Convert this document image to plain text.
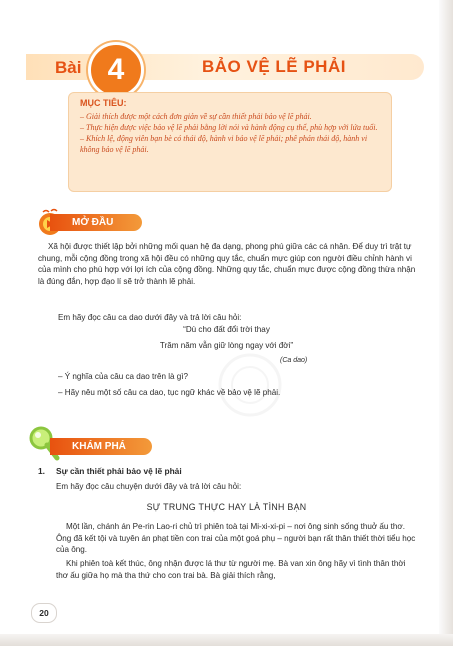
Bài 4	BẢO VỆ LẼ PHẢI
MỤC TIÊU:
– Giải thích được một cách đơn giản về sự cần thiết phải bảo vệ lẽ phải.
– Thực hiện được việc bảo vệ lẽ phải bằng lời nói và hành động cụ thể, phù hợp với lứa tuổi.
– Khích lệ, động viên bạn bè có thái độ, hành vi bảo vệ lẽ phải; phê phán thái độ, hành vi không bảo vệ lẽ phải.
MỞ ĐẦU

Xã hội được thiết lập bởi những mối quan hệ đa dạng, phong phú giữa các cá nhân. Để duy trì trật tự chung, mỗi cộng đồng trong xã hội đều có những quy tắc, chuẩn mực giúp con người điều chỉnh hành vi của mình cho phù hợp với lợi ích của cộng đồng. Những quy tắc, chuẩn mực được cộng đồng thừa nhận là đúng đắn, hợp đạo lí sẽ trở thành lẽ phải.

Em hãy đọc câu ca dao dưới đây và trả lời câu hỏi:

“Dù cho đất đổi trời thay

Trăm năm vẫn giữ lòng ngay với đời”

(Ca dao)

– Ý nghĩa của câu ca dao trên là gì?

– Hãy nêu một số câu ca dao, tục ngữ khác về bảo vệ lẽ phải.

KHÁM PHÁ
1. Sự cần thiết phải bảo vệ lẽ phải

Em hãy đọc câu chuyện dưới đây và trả lời câu hỏi:

SỰ TRUNG THỰC HAY LÀ TÌNH BẠN

Một lần, chánh án Pe-rin Lao-ri chủ trì phiên toà tại Mi-xi-xi-pi – nơi ông sinh sống thuở ấu thơ. Ông đã kết tội và tuyên án phạt tiền con trai của một goá phụ – người bạn rất thân thiết thời tiểu học của ông.

Khi phiên toà kết thúc, ông nhận được lá thư từ người mẹ. Bà van xin ông hãy vì tình thân thời thơ ấu giữa họ mà tha thứ cho con trai bà. Bà giải thích rằng,

20
